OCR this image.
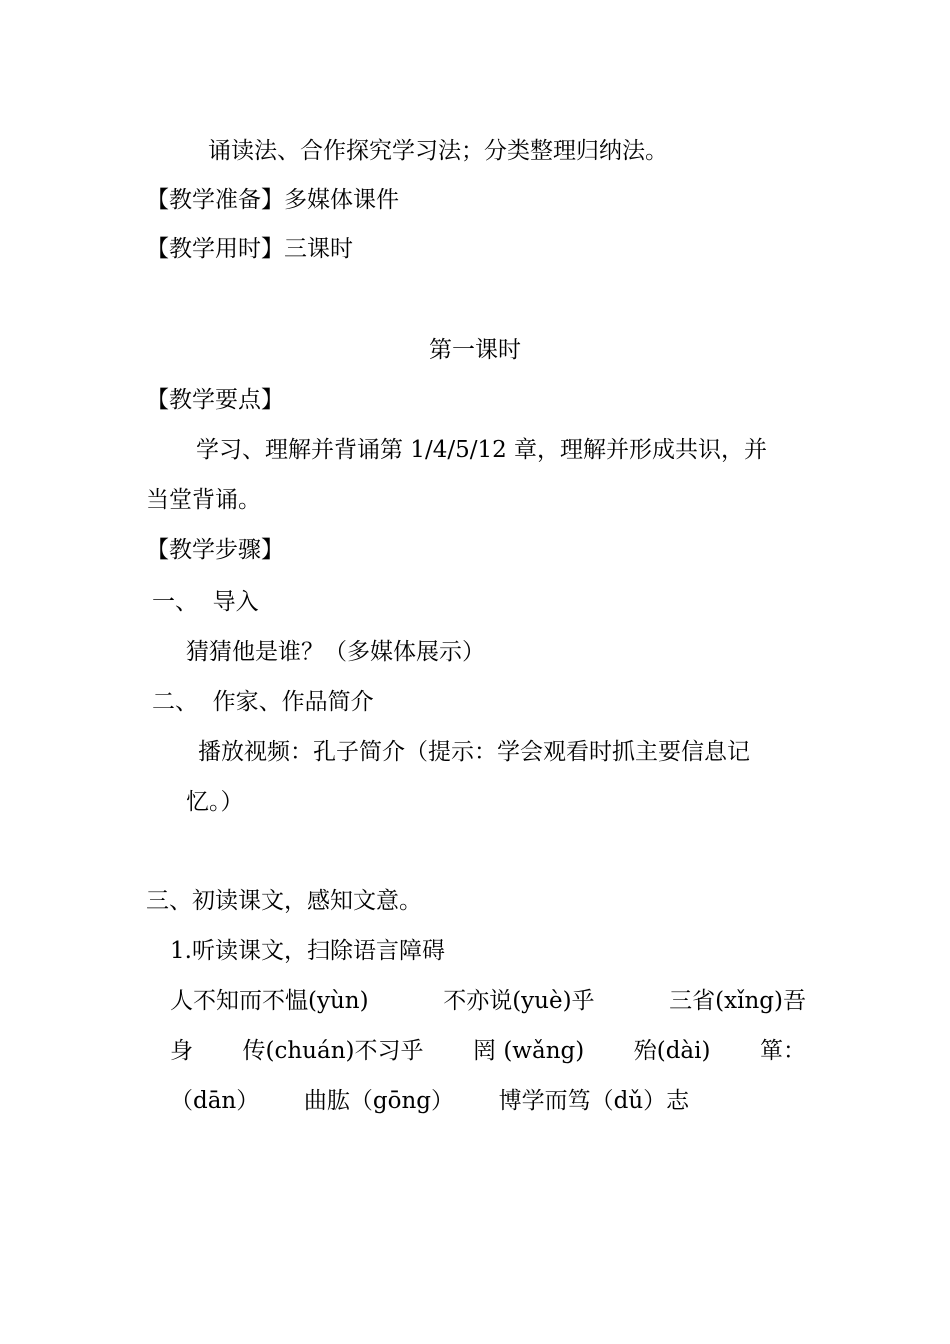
诵读法、合作探究学习法；分类整理归纳法。
【教学准备】多媒体课件
【教学用时】三课时
第一课时
【教学要点】
学习、理解并背诵第 1/4/5/12 章，理解并形成共识，并
当堂背诵。
【教学步骤】
一、  导入
猜猜他是谁？（多媒体展示）
二、  作家、作品简介
播放视频：孔子简介（提示：学会观看时抓主要信息记
忆。）
三、初读课文，感知文意。
1.听读课文，扫除语言障碍
人不知而不愠(yùn)	不亦说(yuè)乎	三省(xǐng)吾
身 传(chuán)不习乎 罔 (wǎng) 殆(dài) 箪：
（dān） 曲肱（gōng） 博学而笃（dǔ）志
